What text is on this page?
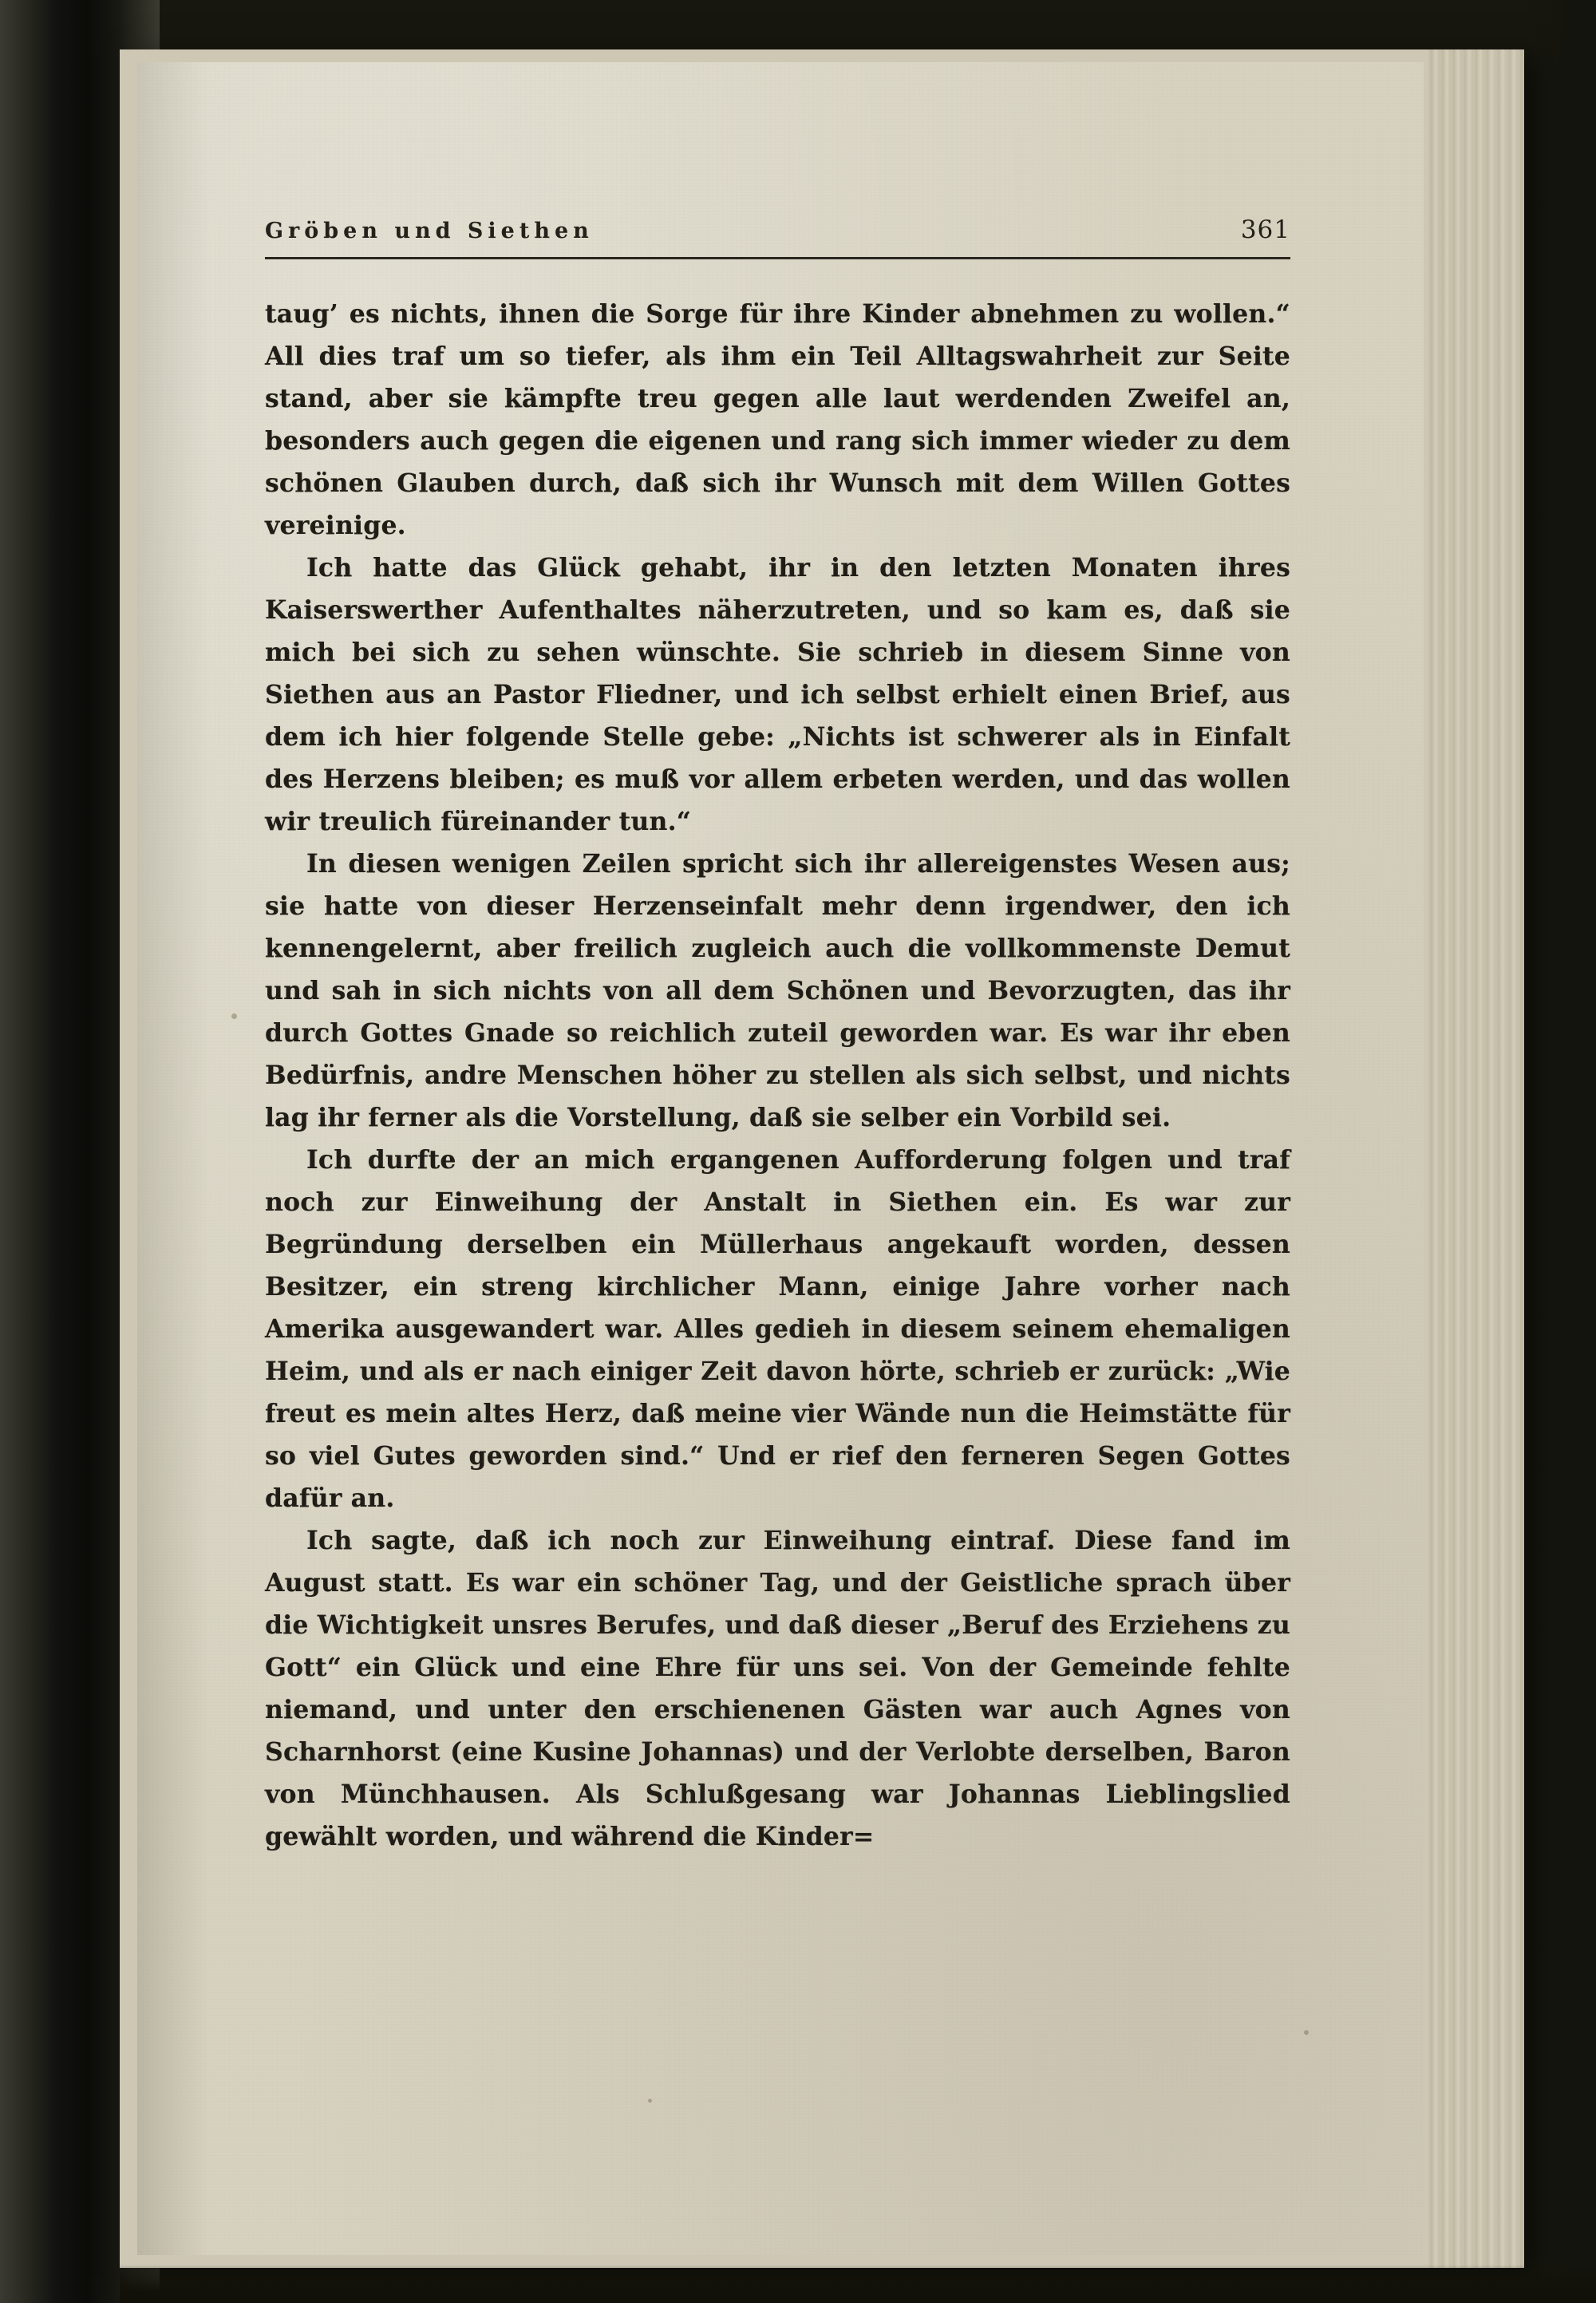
Gröben und Siethen	361

taug’ es nichts, ihnen die Sorge für ihre Kinder abnehmen zu wollen.“ All dies traf um so tiefer, als ihm ein Teil Alltagswahrheit zur Seite stand, aber sie kämpfte treu gegen alle laut werdenden Zweifel an, besonders auch gegen die eigenen und rang sich immer wieder zu dem schönen Glauben durch, daß sich ihr Wunsch mit dem Willen Gottes vereinige.

Ich hatte das Glück gehabt, ihr in den letzten Monaten ihres Kaiserswerther Aufenthaltes näherzutreten, und so kam es, daß sie mich bei sich zu sehen wünschte. Sie schrieb in diesem Sinne von Siethen aus an Pastor Fliedner, und ich selbst erhielt einen Brief, aus dem ich hier folgende Stelle gebe: „Nichts ist schwerer als in Einfalt des Herzens bleiben; es muß vor allem erbeten werden, und das wollen wir treulich füreinander tun.“

In diesen wenigen Zeilen spricht sich ihr allereigenstes Wesen aus; sie hatte von dieser Herzenseinfalt mehr denn irgendwer, den ich kennengelernt, aber freilich zugleich auch die vollkommenste Demut und sah in sich nichts von all dem Schönen und Bevorzugten, das ihr durch Gottes Gnade so reichlich zuteil geworden war. Es war ihr eben Bedürfnis, andre Menschen höher zu stellen als sich selbst, und nichts lag ihr ferner als die Vorstellung, daß sie selber ein Vorbild sei.

Ich durfte der an mich ergangenen Aufforderung folgen und traf noch zur Einweihung der Anstalt in Siethen ein. Es war zur Begründung derselben ein Müllerhaus angekauft worden, dessen Besitzer, ein streng kirchlicher Mann, einige Jahre vorher nach Amerika ausgewandert war. Alles gedieh in diesem seinem ehemaligen Heim, und als er nach einiger Zeit davon hörte, schrieb er zurück: „Wie freut es mein altes Herz, daß meine vier Wände nun die Heimstätte für so viel Gutes geworden sind.“ Und er rief den ferneren Segen Gottes dafür an.

Ich sagte, daß ich noch zur Einweihung eintraf. Diese fand im August statt. Es war ein schöner Tag, und der Geistliche sprach über die Wichtigkeit unsres Berufes, und daß dieser „Beruf des Erziehens zu Gott“ ein Glück und eine Ehre für uns sei. Von der Gemeinde fehlte niemand, und unter den erschienenen Gästen war auch Agnes von Scharnhorst (eine Kusine Johannas) und der Verlobte derselben, Baron von Münchhausen. Als Schlußgesang war Johannas Lieblingslied gewählt worden, und während die Kinder=
